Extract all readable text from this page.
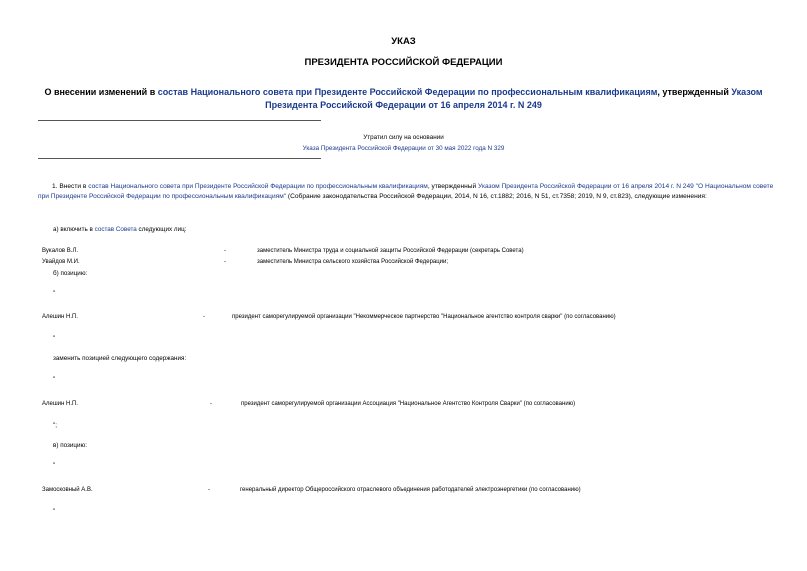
УКАЗ
ПРЕЗИДЕНТА РОССИЙСКОЙ ФЕДЕРАЦИИ
О внесении изменений в состав Национального совета при Президенте Российской Федерации по профессиональным квалификациям, утвержденный Указом
Президента Российской Федерации от 16 апреля 2014 г. N 249
Утратил силу на основании
Указа Президента Российской Федерации от 30 мая 2022 года N 329
1. Внести в состав Национального совета при Президенте Российской Федерации по профессиональным квалификациям, утвержденный Указом Президента Российской Федерации от 16 апреля 2014 г. N 249 "О Национальном совете при Президенте Российской Федерации по профессиональным квалификациям" (Собрание законодательства Российской Федерации, 2014, N 16, ст.1882; 2016, N 51, ст.7358; 2019, N 9, ст.823), следующие изменения:
а) включить в состав Совета следующих лиц:
Вукалов В.Л.	-	заместитель Министра труда и социальной защиты Российской Федерации (секретарь Совета)
Увайдов М.И.	-	заместитель Министра сельского хозяйства Российской Федерации;
б) позицию:
"
Алешин Н.П.	-	президент саморегулируемой организации "Некоммерческое партнерство "Национальное агентство контроля сварки" (по согласованию)
"
заменить позицией следующего содержания:
"
Алешин Н.П.	-	президент саморегулируемой организации Ассоциация "Национальное Агентство Контроля Сварки" (по согласованию)
";
в) позицию:
"
Замосковный А.В.	-	генеральный директор Общероссийского отраслевого объединения работодателей электроэнергетики (по согласованию)
"
